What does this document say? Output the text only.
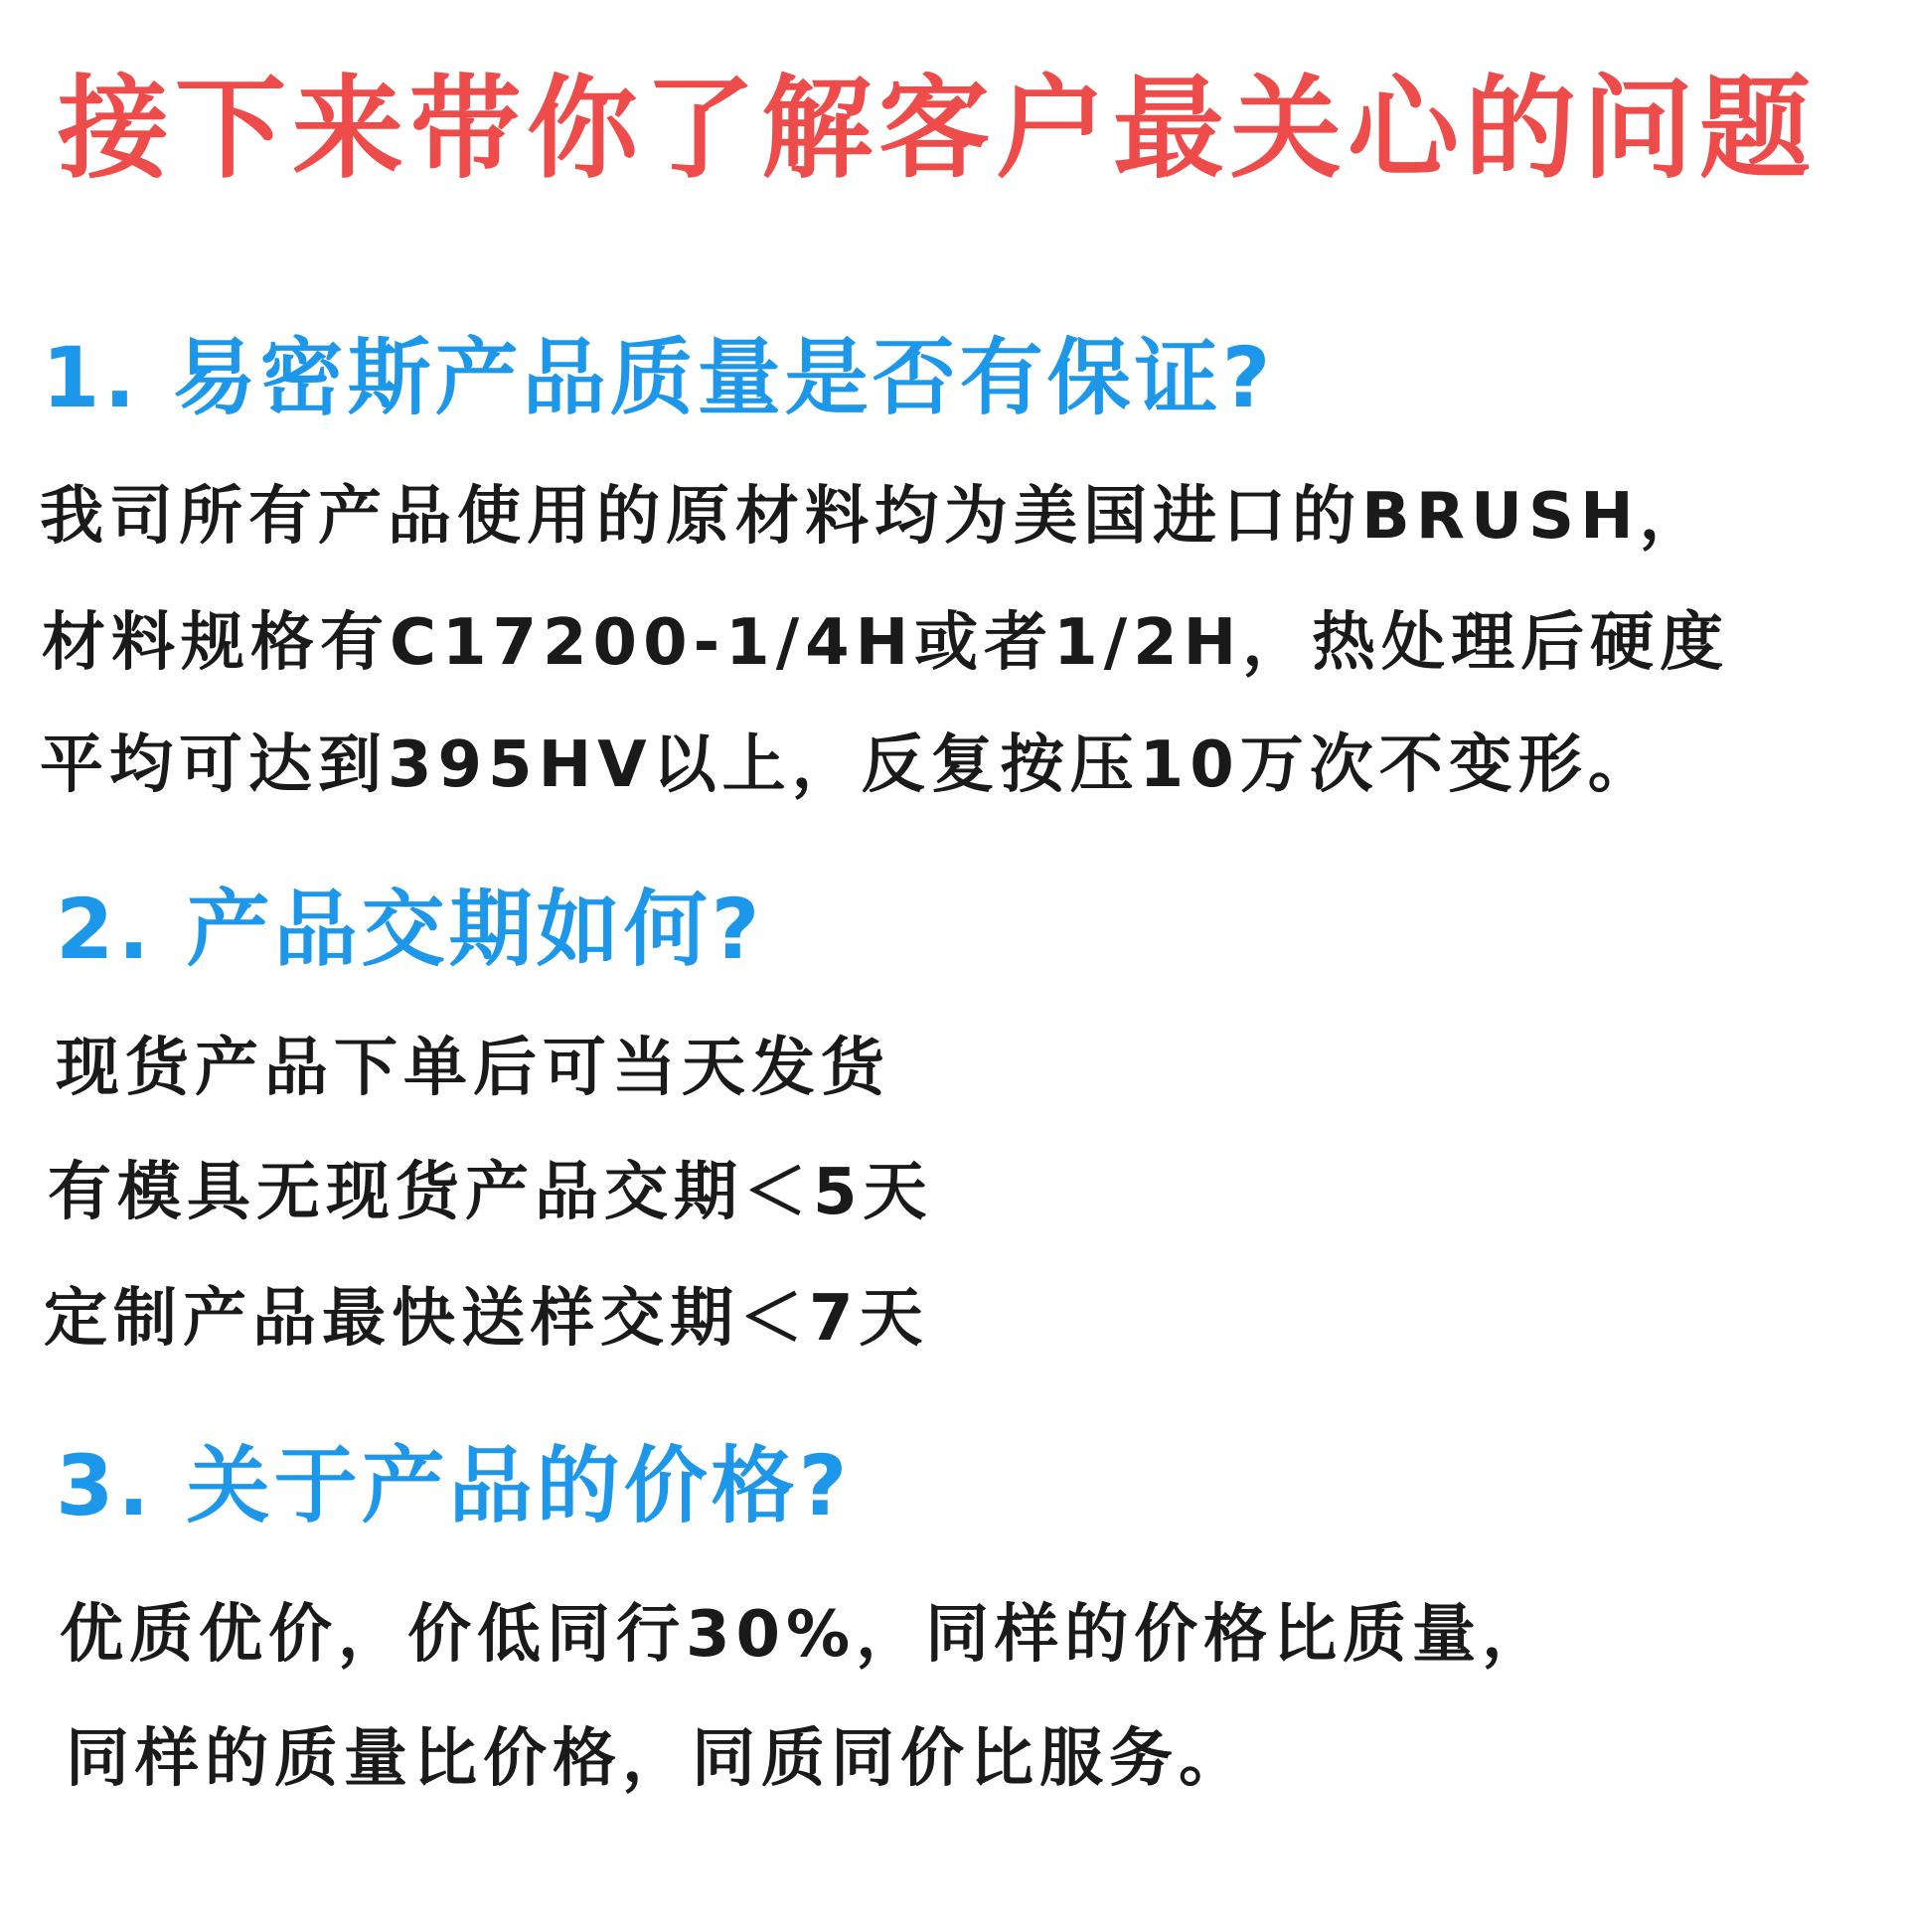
接下来带你了解客户最关心的问题
1. 易密斯产品质量是否有保证?

我司所有产品使用的原材料均为美国进口的BRUSH，

材料规格有C17200-1/4H或者1/2H，热处理后硬度

平均可达到395HV以上，反复按压10万次不变形。

2. 产品交期如何?

现货产品下单后可当天发货

有模具无现货产品交期＜5天

定制产品最快送样交期＜7天

3. 关于产品的价格?

优质优价，价低同行30%，同样的价格比质量，

同样的质量比价格，同质同价比服务。
